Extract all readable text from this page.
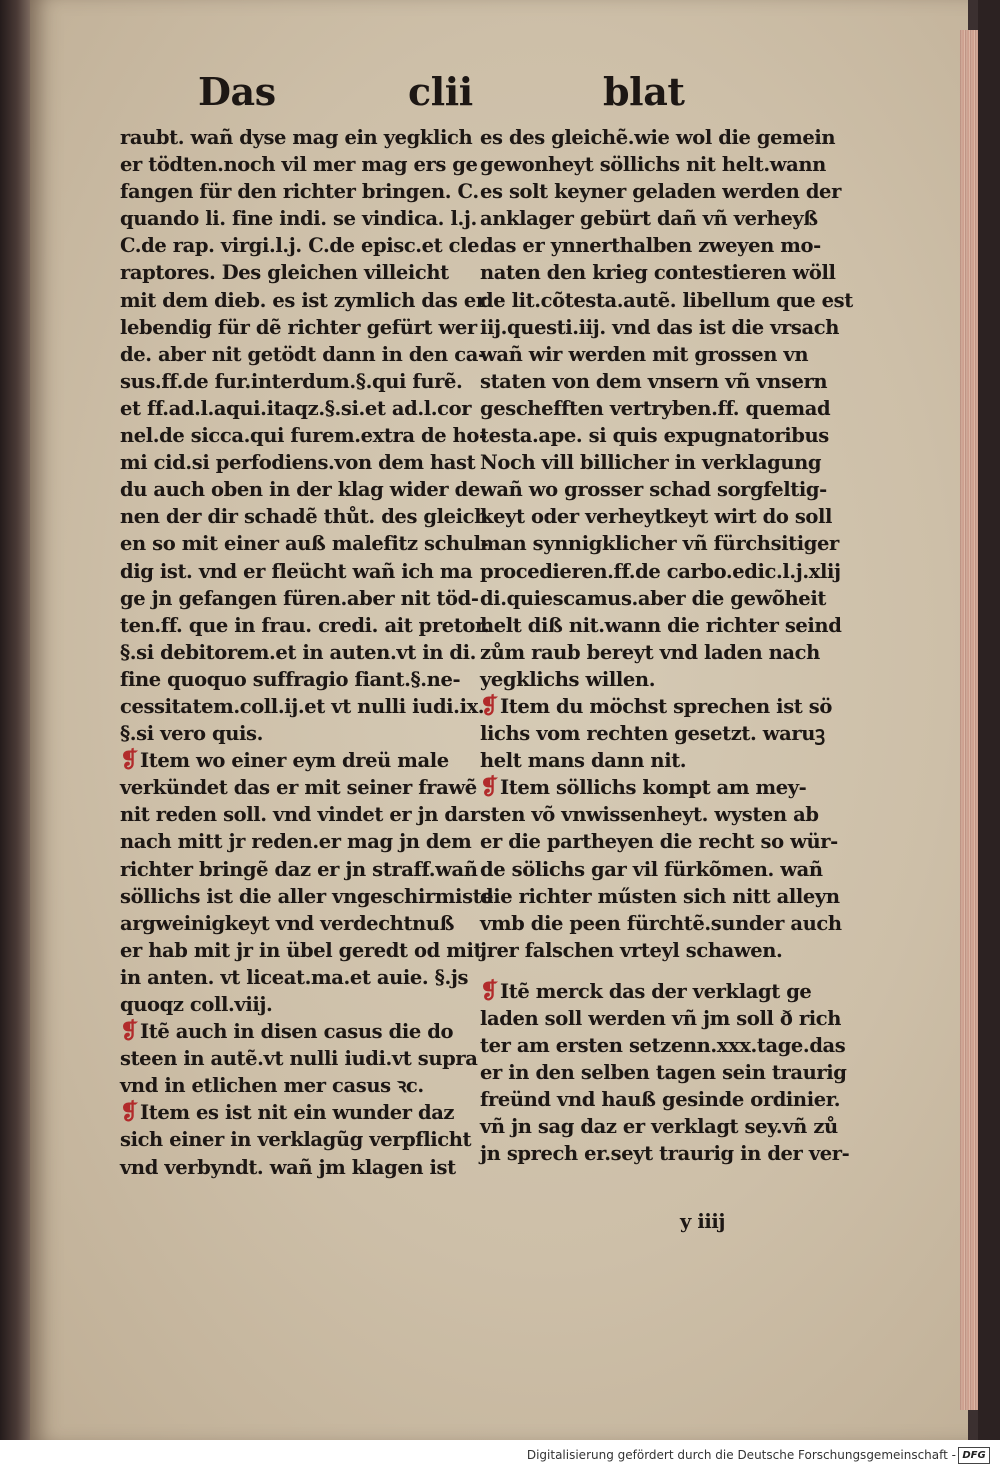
Das	clii	blat
raubt. wañ dyse mag ein yegklich
er tödten.noch vil mer mag ers ge
fangen für den richter bringen. C.
quando li. fine indi. se vindica. l.j.
C.de rap. virgi.l.j. C.de episc.et cle.
raptores. Des gleichen villeicht
mit dem dieb. es ist zymlich das er
lebendig für dẽ richter gefürt wer
de. aber nit getödt dann in den ca-
sus.ff.de fur.interdum.§.qui furẽ.
et ff.ad.l.aqui.itaqz.§.si.et ad.l.cor
nel.de sicca.qui furem.extra de ho-
mi cid.si perfodiens.von dem hast
du auch oben in der klag wider de
nen der dir schadẽ thůt. des gleich
en so mit einer auß malefitz schul-
dig ist. vnd er fleücht wañ ich ma
ge jn gefangen füren.aber nit töd-
ten.ff. que in frau. credi. ait pretor.
§.si debitorem.et in auten.vt in di.
fine quoquo suffragio fiant.§.ne-
cessitatem.coll.ij.et vt nulli iudi.ix.
§.si vero quis.
❡ Item wo einer eym dreü male
verkündet das er mit seiner frawẽ
nit reden soll. vnd vindet er jn dar
nach mitt jr reden.er mag jn dem
richter bringẽ daz er jn straff.wañ
söllichs ist die aller vngeschirmiste
argweinigkeyt vnd verdechtnuß
er hab mit jr in übel geredt od mit
in anten. vt liceat.ma.et auie. §.js
quoqz coll.viij.
❡ Itẽ auch in disen casus die do
steen in autẽ.vt nulli iudi.vt supra
vnd in etlichen mer casus ꝛc.
❡ Item es ist nit ein wunder daz
sich einer in verklagũg verpflicht
vnd verbyndt. wañ jm klagen ist
es des gleichẽ.wie wol die gemein
gewonheyt söllichs nit helt.wann
es solt keyner geladen werden der
anklager gebürt dañ vñ verheyß
das er ynnerthalben zweyen mo-
naten den krieg contestieren wöll
de lit.cõtesta.autẽ. libellum que est
iij.questi.iij. vnd das ist die vrsach
wañ wir werden mit grossen vn
staten von dem vnsern vñ vnsern
geschefften vertryben.ff. quemad
testa.ape. si quis expugnatoribus
Noch vill billicher in verklagung
wañ wo grosser schad sorgfeltig-
keyt oder verheytkeyt wirt do soll
man synnigklicher vñ fürchsitiger
procedieren.ff.de carbo.edic.l.j.xlij
di.quiescamus.aber die gewõheit
helt diß nit.wann die richter seind
zům raub bereyt vnd laden nach
yegklichs willen.
❡ Item du möchst sprechen ist sö
lichs vom rechten gesetzt. waruꝫ
helt mans dann nit.
❡ Item söllichs kompt am mey-
sten võ vnwissenheyt. wysten ab
er die partheyen die recht so wür-
de sölichs gar vil fürkõmen. wañ
die richter műsten sich nitt alleyn
vmb die peen fürchtẽ.sunder auch
jrer falschen vrteyl schawen.
❡ Itẽ merck das der verklagt ge
laden soll werden vñ jm soll ð rich
ter am ersten setzenn.xxx.tage.das
er in den selben tagen sein traurig
freünd vnd hauß gesinde ordinier.
vñ jn sag daz er verklagt sey.vñ zů
jn sprech er.seyt traurig in der ver-
y iiij
Digitalisierung gefördert durch die Deutsche Forschungsgemeinschaft - DFG
